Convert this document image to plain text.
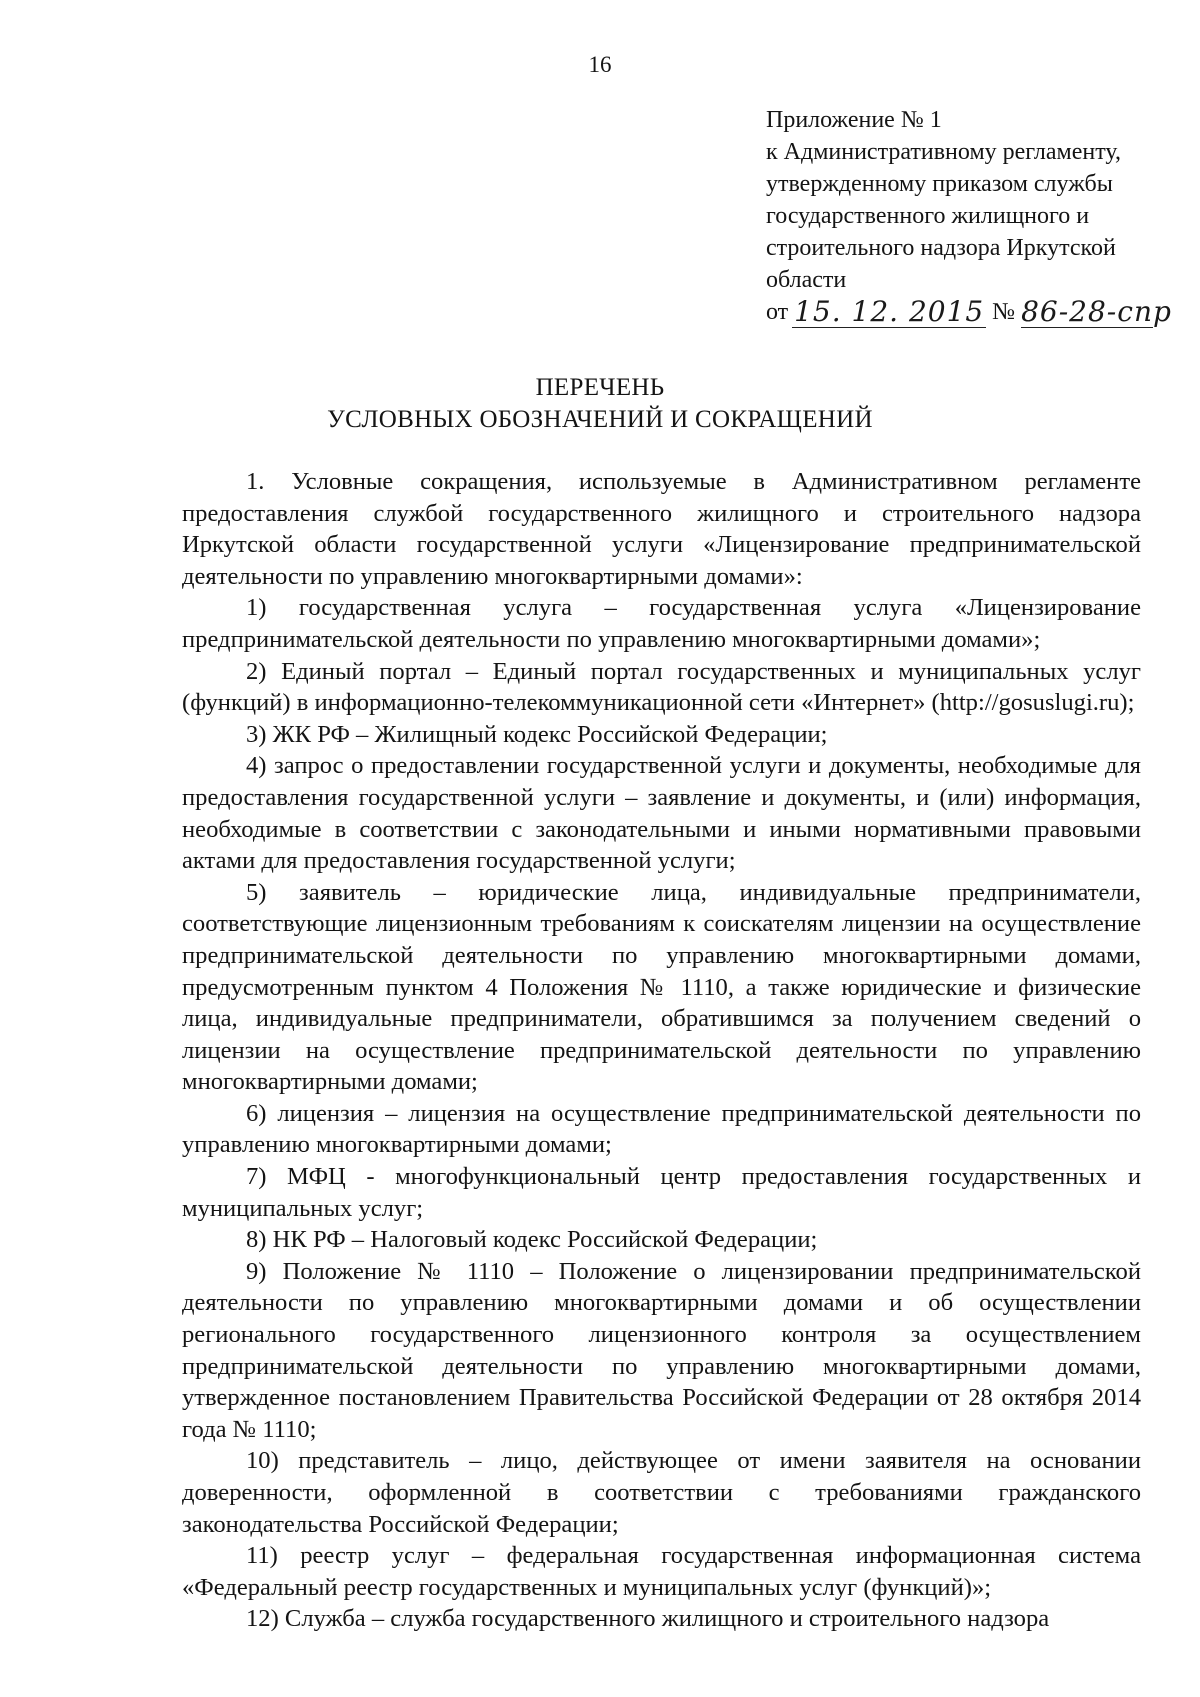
16
Приложение № 1
к Административному регламенту,
утвержденному приказом службы
государственного жилищного и
строительного надзора Иркутской
области
от 15. 12. 2015 № 86-28-спр
ПЕРЕЧЕНЬ
УСЛОВНЫХ ОБОЗНАЧЕНИЙ И СОКРАЩЕНИЙ

1. Условные сокращения, используемые в Административном регламенте предоставления службой государственного жилищного и строительного надзора Иркутской области государственной услуги «Лицензирование предпринимательской деятельности по управлению многоквартирными домами»:

1) государственная услуга – государственная услуга «Лицензирование предпринимательской деятельности по управлению многоквартирными домами»;

2) Единый портал – Единый портал государственных и муниципальных услуг (функций) в информационно-телекоммуникационной сети «Интернет» (http://gosuslugi.ru);

3) ЖК РФ – Жилищный кодекс Российской Федерации;

4) запрос о предоставлении государственной услуги и документы, необходимые для предоставления государственной услуги – заявление и документы, и (или) информация, необходимые в соответствии с законодательными и иными нормативными правовыми актами для предоставления государственной услуги;

5) заявитель – юридические лица, индивидуальные предприниматели, соответствующие лицензионным требованиям к соискателям лицензии на осуществление предпринимательской деятельности по управлению многоквартирными домами, предусмотренным пунктом 4 Положения № 1110, а также юридические и физические лица, индивидуальные предприниматели, обратившимся за получением сведений о лицензии на осуществление предпринимательской деятельности по управлению многоквартирными домами;

6) лицензия – лицензия на осуществление предпринимательской деятельности по управлению многоквартирными домами;

7) МФЦ - многофункциональный центр предоставления государственных и муниципальных услуг;

8) НК РФ – Налоговый кодекс Российской Федерации;

9) Положение № 1110 – Положение о лицензировании предпринимательской деятельности по управлению многоквартирными домами и об осуществлении регионального государственного лицензионного контроля за осуществлением предпринимательской деятельности по управлению многоквартирными домами, утвержденное постановлением Правительства Российской Федерации от 28 октября 2014 года № 1110;

10) представитель – лицо, действующее от имени заявителя на основании доверенности, оформленной в соответствии с требованиями гражданского законодательства Российской Федерации;

11) реестр услуг – федеральная государственная информационная система «Федеральный реестр государственных и муниципальных услуг (функций)»;

12) Служба – служба государственного жилищного и строительного надзора
